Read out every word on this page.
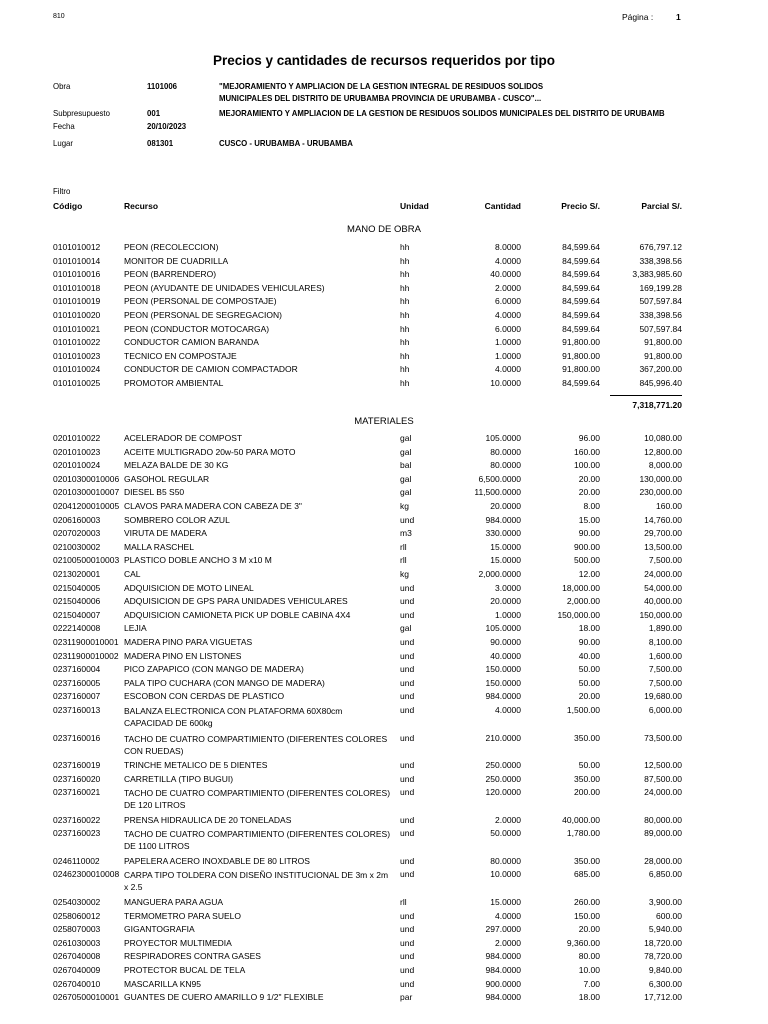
810	Página :	1
Precios y cantidades de recursos requeridos por tipo
Obra	1101006	"MEJORAMIENTO Y AMPLIACION DE LA GESTION INTEGRAL DE RESIDUOS SOLIDOS
MUNICIPALES DEL DISTRITO DE URUBAMBA PROVINCIA DE URUBAMBA - CUSCO"...
Subpresupuesto	001	MEJORAMIENTO Y AMPLIACION DE LA GESTION DE RESIDUOS SOLIDOS MUNICIPALES DEL DISTRITO DE URUBAMB
Fecha	20/10/2023
Lugar	081301	CUSCO - URUBAMBA - URUBAMBA
Filtro
Código	Recurso	Unidad	Cantidad	Precio S/.	Parcial S/.
MANO DE OBRA
0101010012	PEON (RECOLECCION)	hh	8.0000	84,599.64	676,797.12
0101010014	MONITOR DE CUADRILLA	hh	4.0000	84,599.64	338,398.56
0101010016	PEON (BARRENDERO)	hh	40.0000	84,599.64	3,383,985.60
0101010018	PEON (AYUDANTE DE UNIDADES VEHICULARES)	hh	2.0000	84,599.64	169,199.28
0101010019	PEON (PERSONAL DE COMPOSTAJE)	hh	6.0000	84,599.64	507,597.84
0101010020	PEON (PERSONAL DE SEGREGACION)	hh	4.0000	84,599.64	338,398.56
0101010021	PEON (CONDUCTOR MOTOCARGA)	hh	6.0000	84,599.64	507,597.84
0101010022	CONDUCTOR CAMION BARANDA	hh	1.0000	91,800.00	91,800.00
0101010023	TECNICO EN COMPOSTAJE	hh	1.0000	91,800.00	91,800.00
0101010024	CONDUCTOR DE CAMION COMPACTADOR	hh	4.0000	91,800.00	367,200.00
0101010025	PROMOTOR AMBIENTAL	hh	10.0000	84,599.64	845,996.40
7,318,771.20
MATERIALES
0201010022	ACELERADOR DE COMPOST	gal	105.0000	96.00	10,080.00
0201010023	ACEITE MULTIGRADO 20w-50 PARA MOTO	gal	80.0000	160.00	12,800.00
0201010024	MELAZA BALDE DE 30 KG	bal	80.0000	100.00	8,000.00
02010300010006 GASOHOL REGULAR	gal	6,500.0000	20.00	130,000.00
02010300010007 DIESEL B5 S50	gal	11,500.0000	20.00	230,000.00
02041200010005 CLAVOS PARA MADERA CON CABEZA DE 3"	kg	20.0000	8.00	160.00
0206160003	SOMBRERO COLOR AZUL	und	984.0000	15.00	14,760.00
0207020003	VIRUTA DE MADERA	m3	330.0000	90.00	29,700.00
0210030002	MALLA RASCHEL	rll	15.0000	900.00	13,500.00
02100500010003 PLASTICO DOBLE ANCHO 3 M x10 M	rll	15.0000	500.00	7,500.00
0213020001	CAL	kg	2,000.0000	12.00	24,000.00
0215040005	ADQUISICION DE MOTO LINEAL	und	3.0000	18,000.00	54,000.00
0215040006	ADQUISICION DE GPS PARA UNIDADES VEHICULARES	und	20.0000	2,000.00	40,000.00
0215040007	ADQUISICION CAMIONETA PICK UP DOBLE CABINA 4X4	und	1.0000	150,000.00	150,000.00
0222140008	LEJIA	gal	105.0000	18.00	1,890.00
02311900010001 MADERA PINO PARA VIGUETAS	und	90.0000	90.00	8,100.00
02311900010002 MADERA PINO EN LISTONES	und	40.0000	40.00	1,600.00
0237160004	PICO ZAPAPICO (CON MANGO DE MADERA)	und	150.0000	50.00	7,500.00
0237160005	PALA TIPO CUCHARA (CON MANGO DE MADERA)	und	150.0000	50.00	7,500.00
0237160007	ESCOBON CON CERDAS DE PLASTICO	und	984.0000	20.00	19,680.00
0237160013	BALANZA ELECTRONICA CON PLATAFORMA 60X80cm CAPACIDAD DE 600kg
und	4.0000	1,500.00	6,000.00
0237160016	TACHO DE CUATRO COMPARTIMIENTO (DIFERENTES COLORES CON RUEDAS)
und	210.0000	350.00	73,500.00
0237160019	TRINCHE METALICO DE 5 DIENTES	und	250.0000	50.00	12,500.00
0237160020	CARRETILLA (TIPO BUGUI)	und	250.0000	350.00	87,500.00
0237160021	TACHO DE CUATRO COMPARTIMIENTO (DIFERENTES COLORES) DE 120 LITROS
und	120.0000	200.00	24,000.00
0237160022	PRENSA HIDRAULICA DE 20 TONELADAS	und	2.0000	40,000.00	80,000.00
0237160023	TACHO DE CUATRO COMPARTIMIENTO (DIFERENTES COLORES) DE 1100 LITROS
und	50.0000	1,780.00	89,000.00
0246110002	PAPELERA ACERO INOXDABLE DE 80 LITROS	und	80.0000	350.00	28,000.00
02462300010008 CARPA TIPO TOLDERA CON DISEÑO INSTITUCIONAL DE 3m x 2m x 2.5
und	10.0000	685.00	6,850.00
0254030002	MANGUERA PARA AGUA	rll	15.0000	260.00	3,900.00
0258060012	TERMOMETRO PARA SUELO	und	4.0000	150.00	600.00
0258070003	GIGANTOGRAFIA	und	297.0000	20.00	5,940.00
0261030003	PROYECTOR MULTIMEDIA	und	2.0000	9,360.00	18,720.00
0267040008	RESPIRADORES CONTRA GASES	und	984.0000	80.00	78,720.00
0267040009	PROTECTOR BUCAL DE TELA	und	984.0000	10.00	9,840.00
0267040010	MASCARILLA KN95	und	900.0000	7.00	6,300.00
02670500010001 GUANTES DE CUERO AMARILLO 9 1/2" FLEXIBLE	par	984.0000	18.00	17,712.00
